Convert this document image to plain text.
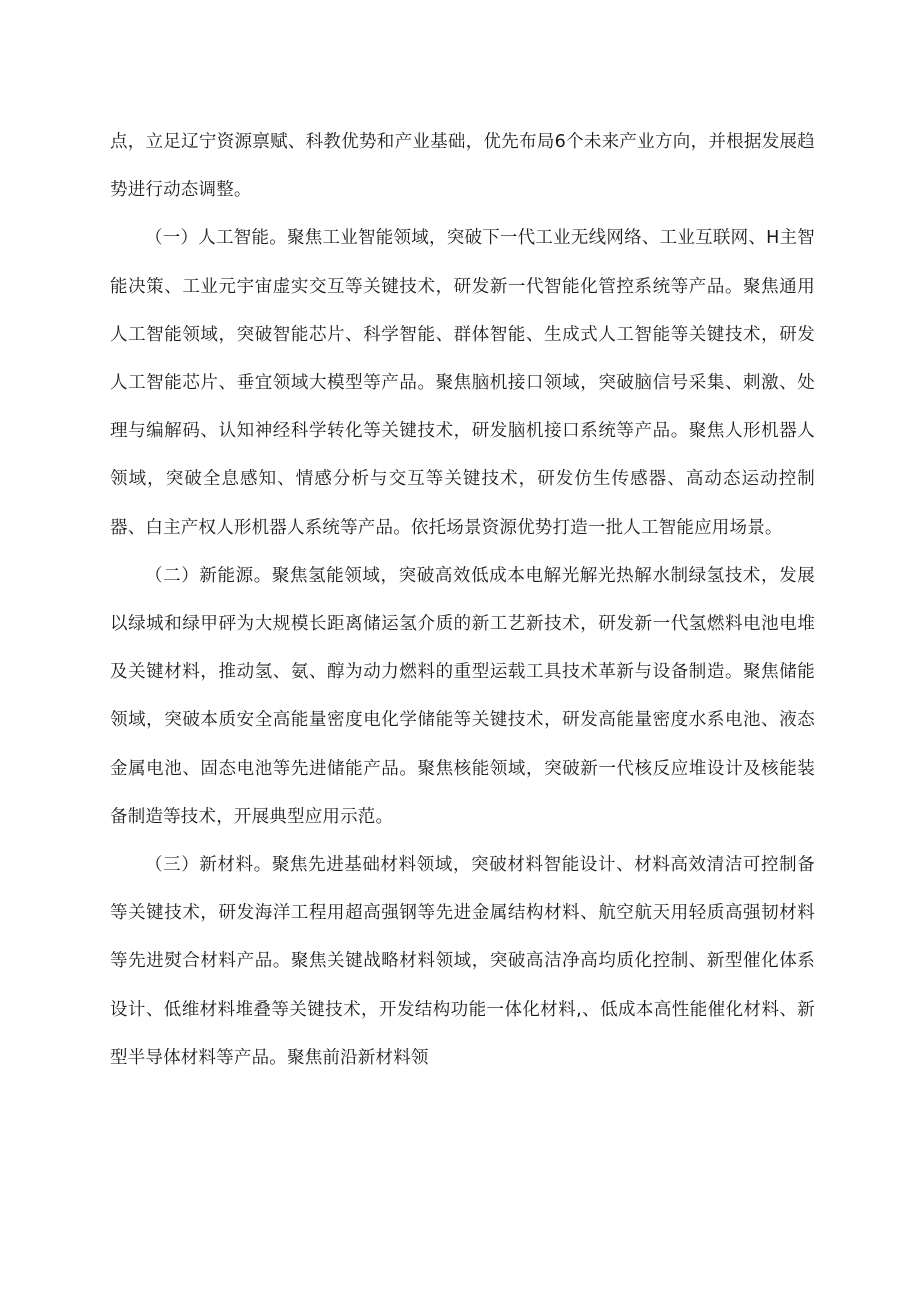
点，立足辽宁资源禀赋、科教优势和产业基础，优先布局6个未来产业方向，并根据发展趋势进行动态调整。

（一）人工智能。聚焦工业智能领域，突破下一代工业无线网络、工业互联网、H主智能决策、工业元宇宙虚实交互等关键技术，研发新一代智能化管控系统等产品。聚焦通用人工智能领域，突破智能芯片、科学智能、群体智能、生成式人工智能等关键技术，研发人工智能芯片、垂宜领域大模型等产品。聚焦脑机接口领域，突破脑信号采集、刺激、处理与编解码、认知神经科学转化等关键技术，研发脑机接口系统等产品。聚焦人形机器人领域，突破全息感知、情感分析与交互等关键技术，研发仿生传感器、高动态运动控制器、白主产权人形机器人系统等产品。依托场景资源优势打造一批人工智能应用场景。

（二）新能源。聚焦氢能领域，突破高效低成本电解光解光热解水制绿氢技术，发展以绿城和绿甲砰为大规模长距离储运氢介质的新工艺新技术，研发新一代氢燃料电池电堆及关键材料，推动氢、氨、醇为动力燃料的重型运载工具技术革新与设备制造。聚焦储能领域，突破本质安全高能量密度电化学储能等关键技术，研发高能量密度水系电池、液态金属电池、固态电池等先进储能产品。聚焦核能领域，突破新一代核反应堆设计及核能装备制造等技术，开展典型应用示范。

（三）新材料。聚焦先进基础材料领域，突破材料智能设计、材料高效清洁可控制备等关键技术，研发海洋工程用超高强钢等先进金属结构材料、航空航天用轻质高强韧材料等先进熨合材料产品。聚焦关键战略材料领域，突破高洁净高均质化控制、新型催化体系设计、低维材料堆叠等关键技术，开发结构功能一体化材料,、低成本高性能催化材料、新型半导体材料等产品。聚焦前沿新材料领
